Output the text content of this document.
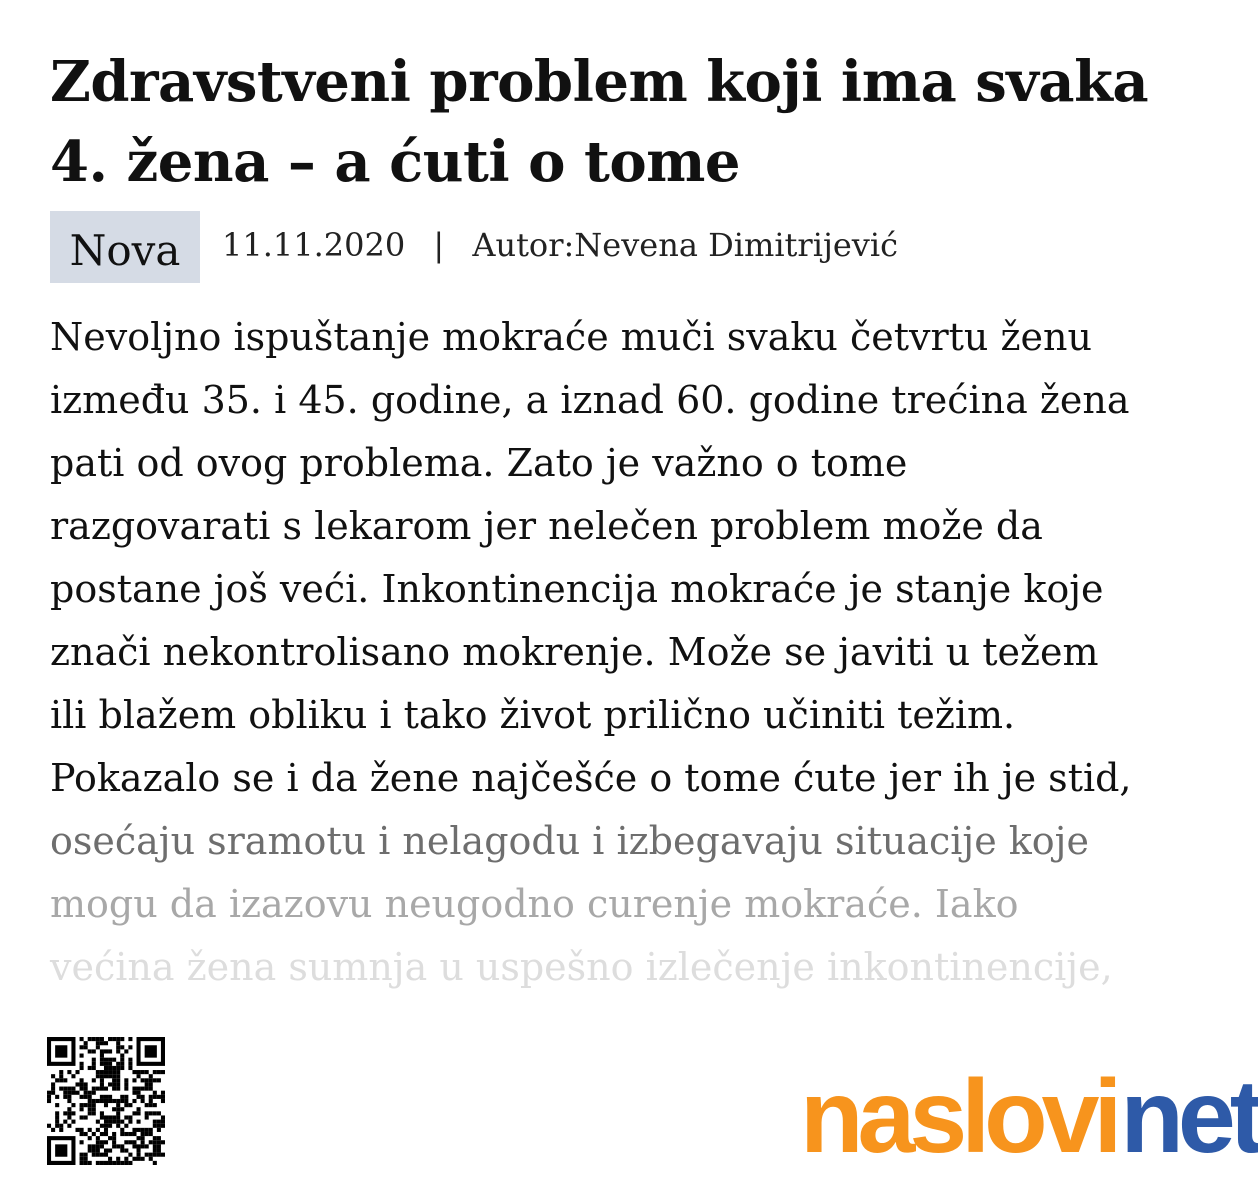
Zdravstveni problem koji ima svaka 4. žena – a ćuti o tome
Nova	11.11.2020 | Autor:Nevena Dimitrijević
Nevoljno ispuštanje mokraće muči svaku četvrtu ženu
između 35. i 45. godine, a iznad 60. godine trećina žena
pati od ovog problema. Zato je važno o tome
razgovarati s lekarom jer nelečen problem može da
postane još veći. Inkontinencija mokraće je stanje koje
znači nekontrolisano mokrenje. Može se javiti u težem
ili blažem obliku i tako život prilično učiniti težim.
Pokazalo se i da žene najčešće o tome ćute jer ih je stid,
osećaju sramotu i nelagodu i izbegavaju situacije koje
mogu da izazovu neugodno curenje mokraće. Iako
većina žena sumnja u uspešno izlečenje inkontinencije,
naslovinet
